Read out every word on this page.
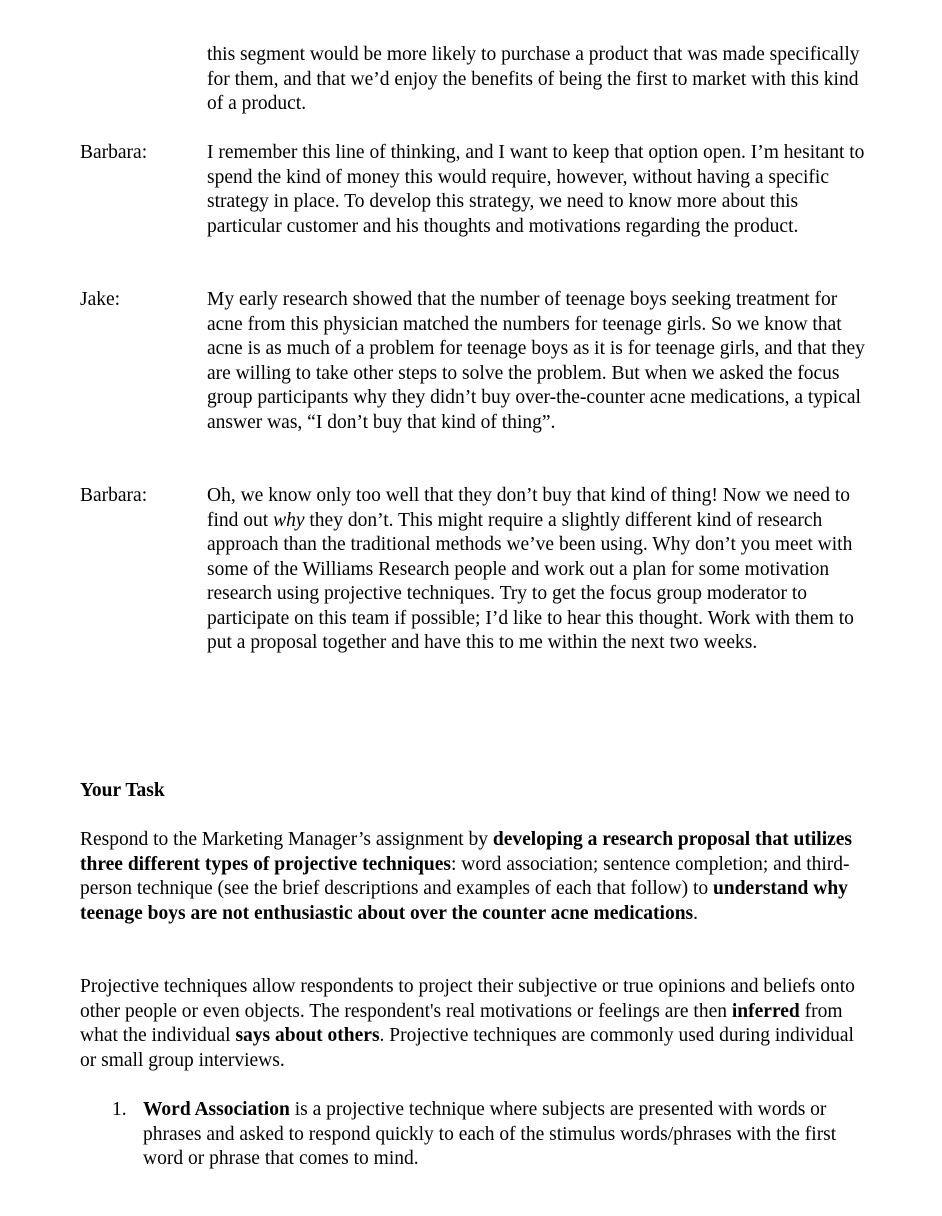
this segment would be more likely to purchase a product that was made specifically for them, and that we’d enjoy the benefits of being the first to market with this kind of a product.

Barbara:	I remember this line of thinking, and I want to keep that option open. I’m hesitant to spend the kind of money this would require, however, without having a specific strategy in place. To develop this strategy, we need to know more about this particular customer and his thoughts and motivations regarding the product.

Jake:	My early research showed that the number of teenage boys seeking treatment for acne from this physician matched the numbers for teenage girls. So we know that acne is as much of a problem for teenage boys as it is for teenage girls, and that they are willing to take other steps to solve the problem. But when we asked the focus group participants why they didn’t buy over-the-counter acne medications, a typical answer was, “I don’t buy that kind of thing”.

Barbara:	Oh, we know only too well that they don’t buy that kind of thing! Now we need to find out why they don’t. This might require a slightly different kind of research approach than the traditional methods we’ve been using. Why don’t you meet with some of the Williams Research people and work out a plan for some motivation research using projective techniques. Try to get the focus group moderator to participate on this team if possible; I’d like to hear this thought. Work with them to put a proposal together and have this to me within the next two weeks.

Your Task

Respond to the Marketing Manager’s assignment by developing a research proposal that utilizes three different types of projective techniques: word association; sentence completion; and third-person technique (see the brief descriptions and examples of each that follow) to understand why teenage boys are not enthusiastic about over the counter acne medications.

Projective techniques allow respondents to project their subjective or true opinions and beliefs onto other people or even objects. The respondent's real motivations or feelings are then inferred from what the individual says about others. Projective techniques are commonly used during individual or small group interviews.

1. Word Association is a projective technique where subjects are presented with words or phrases and asked to respond quickly to each of the stimulus words/phrases with the first word or phrase that comes to mind.
